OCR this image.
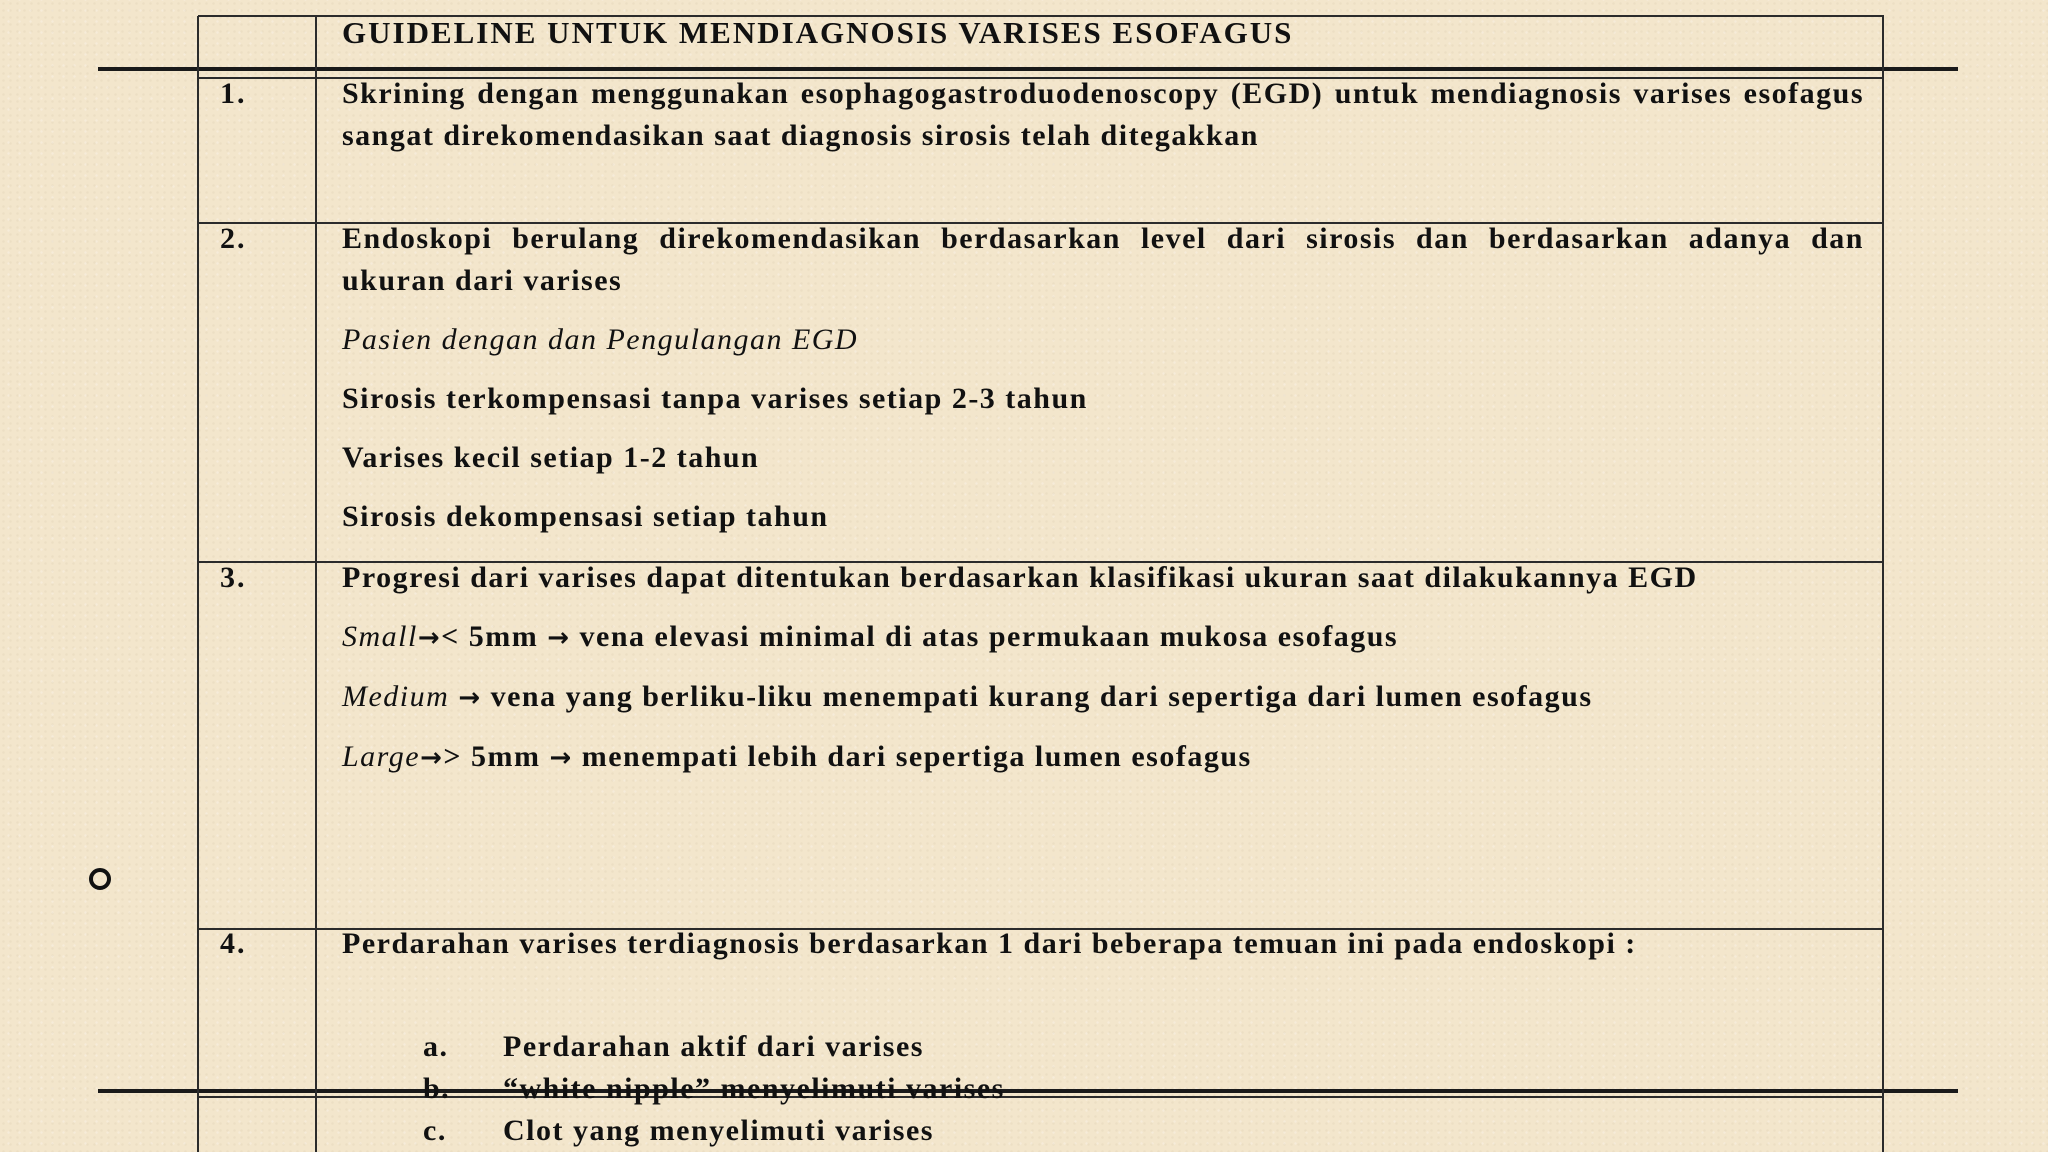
GUIDELINE UNTUK MENDIAGNOSIS VARISES ESOFAGUS

1.	Skrining dengan menggunakan esophagogastroduodenoscopy (EGD) untuk mendiagnosis varises esofagus sangat direkomendasikan saat diagnosis sirosis telah ditegakkan

2.	Endoskopi berulang direkomendasikan berdasarkan level dari sirosis dan berdasarkan adanya dan ukuran dari varises

Pasien dengan dan Pengulangan EGD

Sirosis terkompensasi tanpa varises setiap 2-3 tahun

Varises kecil setiap 1-2 tahun

Sirosis dekompensasi setiap tahun

3.	Progresi dari varises dapat ditentukan berdasarkan klasifikasi ukuran saat dilakukannya EGD

Small→< 5mm → vena elevasi minimal di atas permukaan mukosa esofagus

Medium → vena yang berliku-liku menempati kurang dari sepertiga dari lumen esofagus

Large→> 5mm → menempati lebih dari sepertiga lumen esofagus

4.	Perdarahan varises terdiagnosis berdasarkan 1 dari beberapa temuan ini pada endoskopi :

a. Perdarahan aktif dari varises
b. “white nipple” menyelimuti varises
c. Clot yang menyelimuti varises
